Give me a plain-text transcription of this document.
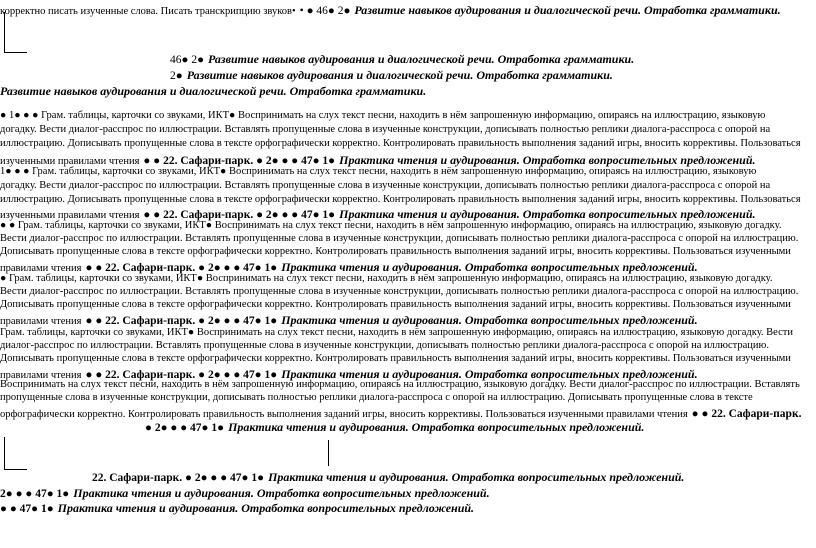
корректно писать изученные слова. Писать транскрипцию звуков• • ● 46● 2● Развитие навыков аудирования и диалогической речи. Отработка грамматики.
46● 2● Развитие навыков аудирования и диалогической речи. Отработка грамматики.
2● Развитие навыков аудирования и диалогической речи. Отработка грамматики.
Развитие навыков аудирования и диалогической речи. Отработка грамматики.
● 1● ● ● Грам. таблицы, карточки со звуками, ИКТ● Воспринимать на слух текст песни, находить в нём запрошенную информацию, опираясь на иллюстрацию, языковую
догадку. Вести диалог-расспрос по иллюстрации. Вставлять пропущенные слова в изученные конструкции, дописывать полностью реплики диалога-расспроса с опорой на
иллюстрацию. Дописывать пропущенные слова в тексте орфографически корректно. Контролировать правильность выполнения заданий игры, вносить коррективы. Пользоваться
изученными правилами чтения ● ● 22. Сафари-парк. ● 2● ● ● 47● 1● Практика чтения и аудирования. Отработка вопросительных предложений.
1● ● ● Грам. таблицы, карточки со звуками, ИКТ● Воспринимать на слух текст песни, находить в нём запрошенную информацию, опираясь на иллюстрацию, языковую
догадку. Вести диалог-расспрос по иллюстрации. Вставлять пропущенные слова в изученные конструкции, дописывать полностью реплики диалога-расспроса с опорой на
иллюстрацию. Дописывать пропущенные слова в тексте орфографически корректно. Контролировать правильность выполнения заданий игры, вносить коррективы. Пользоваться
изученными правилами чтения ● ● 22. Сафари-парк. ● 2● ● ● 47● 1● Практика чтения и аудирования. Отработка вопросительных предложений.
● ● Грам. таблицы, карточки со звуками, ИКТ● Воспринимать на слух текст песни, находить в нём запрошенную информацию, опираясь на иллюстрацию, языковую догадку.
Вести диалог-расспрос по иллюстрации. Вставлять пропущенные слова в изученные конструкции, дописывать полностью реплики диалога-расспроса с опорой на иллюстрацию.
Дописывать пропущенные слова в тексте орфографически корректно. Контролировать правильность выполнения заданий игры, вносить коррективы. Пользоваться изученными
правилами чтения ● ● 22. Сафари-парк. ● 2● ● ● 47● 1● Практика чтения и аудирования. Отработка вопросительных предложений.
● Грам. таблицы, карточки со звуками, ИКТ● Воспринимать на слух текст песни, находить в нём запрошенную информацию, опираясь на иллюстрацию, языковую догадку.
Вести диалог-расспрос по иллюстрации. Вставлять пропущенные слова в изученные конструкции, дописывать полностью реплики диалога-расспроса с опорой на иллюстрацию.
Дописывать пропущенные слова в тексте орфографически корректно. Контролировать правильность выполнения заданий игры, вносить коррективы. Пользоваться изученными
правилами чтения ● ● 22. Сафари-парк. ● 2● ● ● 47● 1● Практика чтения и аудирования. Отработка вопросительных предложений.
Грам. таблицы, карточки со звуками, ИКТ● Воспринимать на слух текст песни, находить в нём запрошенную информацию, опираясь на иллюстрацию, языковую догадку. Вести
диалог-расспрос по иллюстрации. Вставлять пропущенные слова в изученные конструкции, дописывать полностью реплики диалога-расспроса с опорой на иллюстрацию.
Дописывать пропущенные слова в тексте орфографически корректно. Контролировать правильность выполнения заданий игры, вносить коррективы. Пользоваться изученными
правилами чтения ● ● 22. Сафари-парк. ● 2● ● ● 47● 1● Практика чтения и аудирования. Отработка вопросительных предложений.
Воспринимать на слух текст песни, находить в нём запрошенную информацию, опираясь на иллюстрацию, языковую догадку. Вести диалог-расспрос по иллюстрации. Вставлять
пропущенные слова в изученные конструкции, дописывать полностью реплики диалога-расспроса с опорой на иллюстрацию. Дописывать пропущенные слова в тексте
орфографически корректно. Контролировать правильность выполнения заданий игры, вносить коррективы. Пользоваться изученными правилами чтения ● ● 22. Сафари-парк.
● 2● ● ● 47● 1● Практика чтения и аудирования. Отработка вопросительных предложений.
22. Сафари-парк. ● 2● ● ● 47● 1● Практика чтения и аудирования. Отработка вопросительных предложений.
2● ● ● 47● 1● Практика чтения и аудирования. Отработка вопросительных предложений.
● ● 47● 1● Практика чтения и аудирования. Отработка вопросительных предложений.
